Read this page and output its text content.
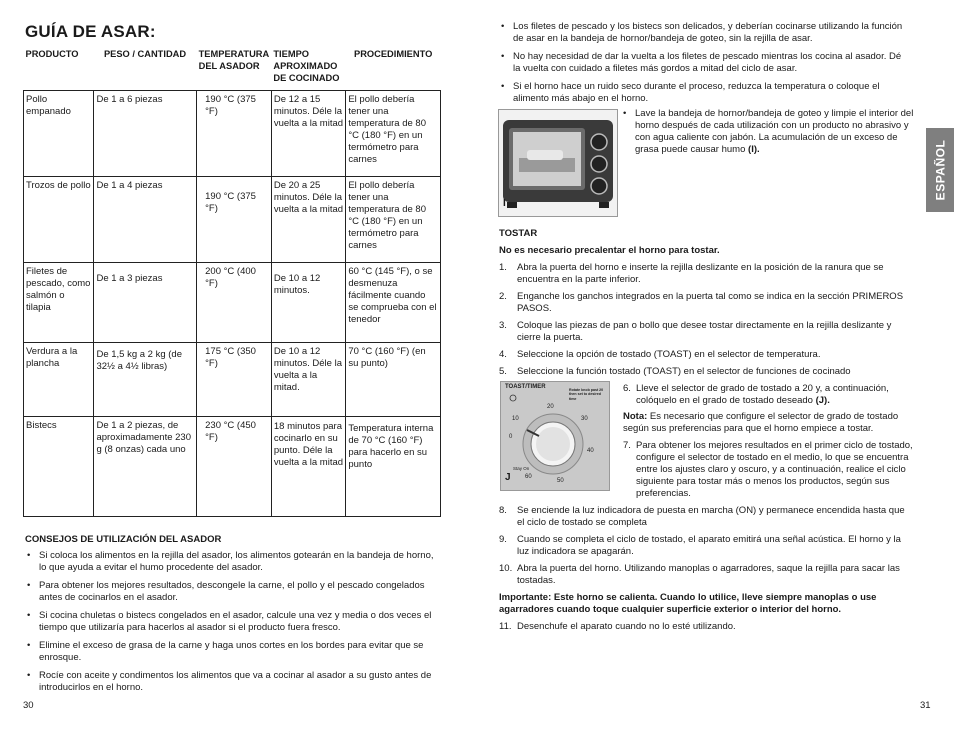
GUÍA DE ASAR:
PRODUCTO	PESO / CANTIDAD	TEMPERATURA DEL ASADOR	TIEMPO APROXIMADO DE COCINADO	PROCEDIMIENTO
Pollo empanado	De 1 a 6 piezas	190 °C (375 °F)	De 12 a 15 minutos. Déle la vuelta a la mitad	El pollo debería tener una temperatura de 80 °C (180 °F) en un termómetro para carnes
Trozos de pollo	De 1 a 4 piezas	190 °C (375 °F)	De 20 a 25 minutos. Déle la vuelta a la mitad	El pollo debería tener una temperatura de 80 °C (180 °F) en un termómetro para carnes
Filetes de pescado, como salmón o tilapia	De 1 a 3 piezas	200 °C (400 °F)	De 10 a 12 minutos.	60 °C (145 °F), o se desmenuza fácilmente cuando se comprueba con el tenedor
Verdura a la plancha	De 1,5 kg a 2 kg (de 32½ a 4½ libras)	175 °C (350 °F)	De 10 a 12 minutos. Déle la vuelta a la mitad.	70 °C (160 °F) (en su punto)
Bistecs	De 1 a 2 piezas, de aproximadamente 230 g (8 onzas) cada uno	230 °C (450 °F)	18 minutos para cocinarlo en su punto. Déle la vuelta a la mitad	Temperatura interna de 70 °C (160 °F) para hacerlo en su punto
CONSEJOS DE UTILIZACIÓN DEL ASADOR
• Si coloca los alimentos en la rejilla del asador, los alimentos gotearán en la bandeja de horno, lo que ayuda a evitar el humo procedente del asador.
• Para obtener los mejores resultados, descongele la carne, el pollo y el pescado congelados antes de cocinarlos en el asador.
• Si cocina chuletas o bistecs congelados en el asador, calcule una vez y media o dos veces el tiempo que utilizaría para hacerlos al asador si el producto fuera fresco.
• Elimine el exceso de grasa de la carne y haga unos cortes en los bordes para evitar que se enrosque.
• Rocíe con aceite y condimentos los alimentos que va a cocinar al asador a su gusto antes de introducirlos en el horno.
30
• Los filetes de pescado y los bistecs son delicados, y deberían cocinarse utilizando la función de asar en la bandeja de hornor/bandeja de goteo, sin la rejilla de asar.
• No hay necesidad de dar la vuelta a los filetes de pescado mientras los cocina al asador. Dé la vuelta con cuidado a filetes más gordos a mitad del ciclo de asar.
• Si el horno hace un ruido seco durante el proceso, reduzca la temperatura o coloque el alimento más abajo en el horno.
I
• Lave la bandeja de hornor/bandeja de goteo y limpie el interior del horno después de cada utilización con un producto no abrasivo y con agua caliente con jabón. La acumulación de un exceso de grasa puede causar humo (I).	ESPAÑOL
TOSTAR
No es necesario precalentar el horno para tostar.
1. Abra la puerta del horno e inserte la rejilla deslizante en la posición de la ranura que se encuentra en la parte inferior.
2. Enganche los ganchos integrados en la puerta tal como se indica en la sección PRIMEROS PASOS.
3. Coloque las piezas de pan o bollo que desee tostar directamente en la rejilla deslizante y cierre la puerta.
4. Seleccione la opción de tostado (TOAST) en el selector de temperatura.
5. Seleccione la función tostado (TOAST) en el selector de funciones de cocinado
TOAST/TIMER	Rotate knob past 20 then set to desired time
0
10
20
30
40
50
60
Stay On
J
6. Lleve el selector de grado de tostado a 20 y, a continuación, colóquelo en el grado de tostado deseado (J).
Nota: Es necesario que configure el selector de grado de tostado según sus preferencias para que el horno empiece a tostar.
7. Para obtener los mejores resultados en el primer ciclo de tostado, configure el selector de tostado en el medio, lo que se encuentra entre los ajustes claro y oscuro, y a continuación, realice el ciclo siguiente para tostar más o menos los productos, según sus preferencias.
8. Se enciende la luz indicadora de puesta en marcha (ON) y permanece encendida hasta que el ciclo de tostado se completa
9. Cuando se completa el ciclo de tostado, el aparato emitirá una señal acústica. El horno y la luz indicadora se apagarán.
10. Abra la puerta del horno. Utilizando manoplas o agarradores, saque la rejilla para sacar las tostadas.
Importante: Este horno se calienta. Cuando lo utilice, lleve siempre manoplas o use agarradores cuando toque cualquier superficie exterior o interior del horno.
11. Desenchufe el aparato cuando no lo esté utilizando.
31
